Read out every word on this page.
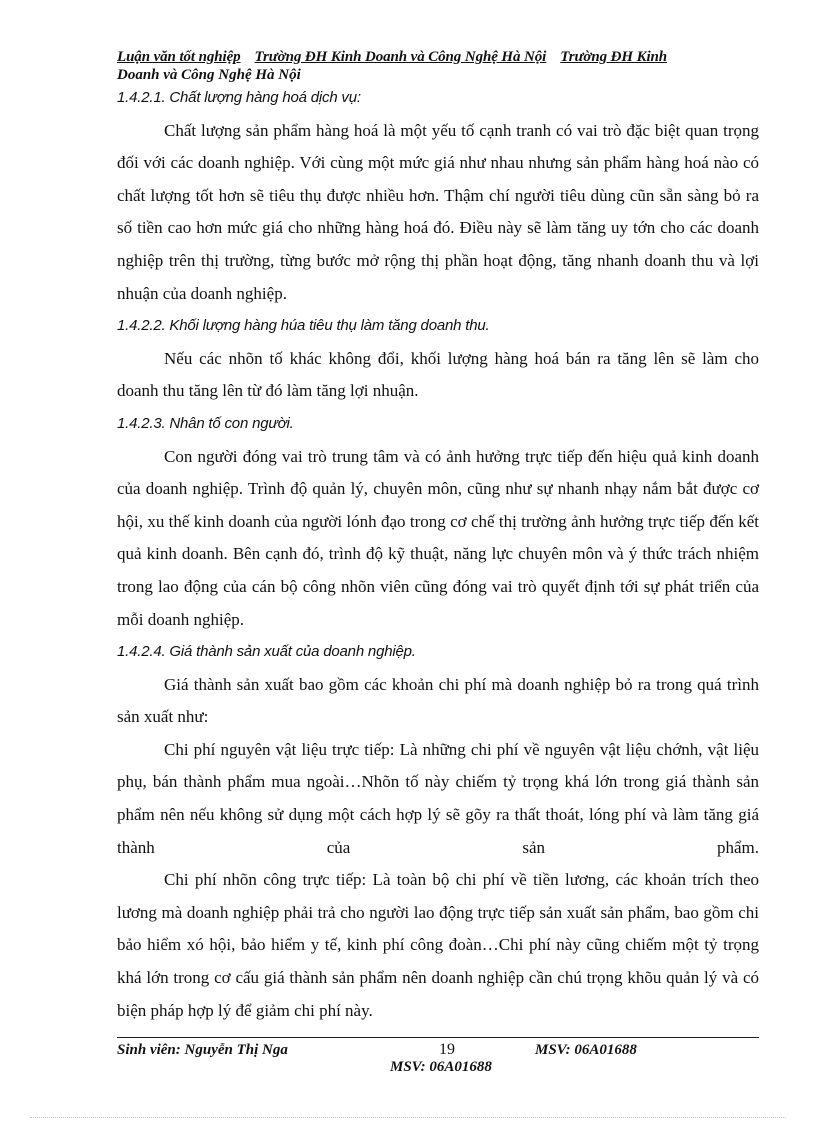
Luận văn tốt nghiệp Trường ĐH Kinh Doanh và Công Nghệ Hà Nội Trường ĐH Kinh
Doanh và Công Nghệ Hà Nội

1.4.2.1. Chất lượng hàng hoá dịch vụ:

Chất lượng sản phẩm hàng hoá là một yếu tố cạnh tranh có vai trò đặc biệt quan trọng đối với các doanh nghiệp. Với cùng một mức giá như nhau nhưng sản phẩm hàng hoá nào có chất lượng tốt hơn sẽ tiêu thụ được nhiều hơn. Thậm chí người tiêu dùng cũn sẵn sàng bỏ ra số tiền cao hơn mức giá cho những hàng hoá đó. Điều này sẽ làm tăng uy tớn cho các doanh nghiệp trên thị trường, từng bước mở rộng thị phần hoạt động, tăng nhanh doanh thu và lợi nhuận của doanh nghiệp.

1.4.2.2. Khối lượng hàng húa tiêu thụ làm tăng doanh thu.

Nếu các nhõn tố khác không đổi, khối lượng hàng hoá bán ra tăng lên sẽ làm cho doanh thu tăng lên từ đó làm tăng lợi nhuận.

1.4.2.3. Nhân tố con người.

Con người đóng vai trò trung tâm và có ảnh hưởng trực tiếp đến hiệu quả kinh doanh của doanh nghiệp. Trình độ quản lý, chuyên môn, cũng như sự nhanh nhạy nắm bắt được cơ hội, xu thế kinh doanh của người lónh đạo trong cơ chế thị trường ảnh hưởng trực tiếp đến kết quả kinh doanh. Bên cạnh đó, trình độ kỹ thuật, năng lực chuyên môn và ý thức trách nhiệm trong lao động của cán bộ công nhõn viên cũng đóng vai trò quyết định tới sự phát triển của mỗi doanh nghiệp.

1.4.2.4. Giá thành sản xuất của doanh nghiệp.

Giá thành sản xuất bao gồm các khoản chi phí mà doanh nghiệp bỏ ra trong quá trình sản xuất như:

Chi phí nguyên vật liệu trực tiếp: Là những chi phí về nguyên vật liệu chớnh, vật liệu phụ, bán thành phẩm mua ngoài…Nhõn tố này chiếm tỷ trọng khá lớn trong giá thành sản phẩm nên nếu không sử dụng một cách hợp lý sẽ gõy ra thất thoát, lóng phí và làm tăng giá thành của sản phẩm.

Chi phí nhõn công trực tiếp: Là toàn bộ chi phí về tiền lương, các khoản trích theo lương mà doanh nghiệp phải trả cho người lao động trực tiếp sản xuất sản phẩm, bao gồm chi bảo hiểm xó hội, bảo hiểm y tế, kinh phí công đoàn…Chi phí này cũng chiếm một tỷ trọng khá lớn trong cơ cấu giá thành sản phẩm nên doanh nghiệp cần chú trọng khõu quản lý và có biện pháp hợp lý để giảm chi phí này.

Sinh viên: Nguyễn Thị Nga	19	MSV: 06A01688
MSV: 06A01688
